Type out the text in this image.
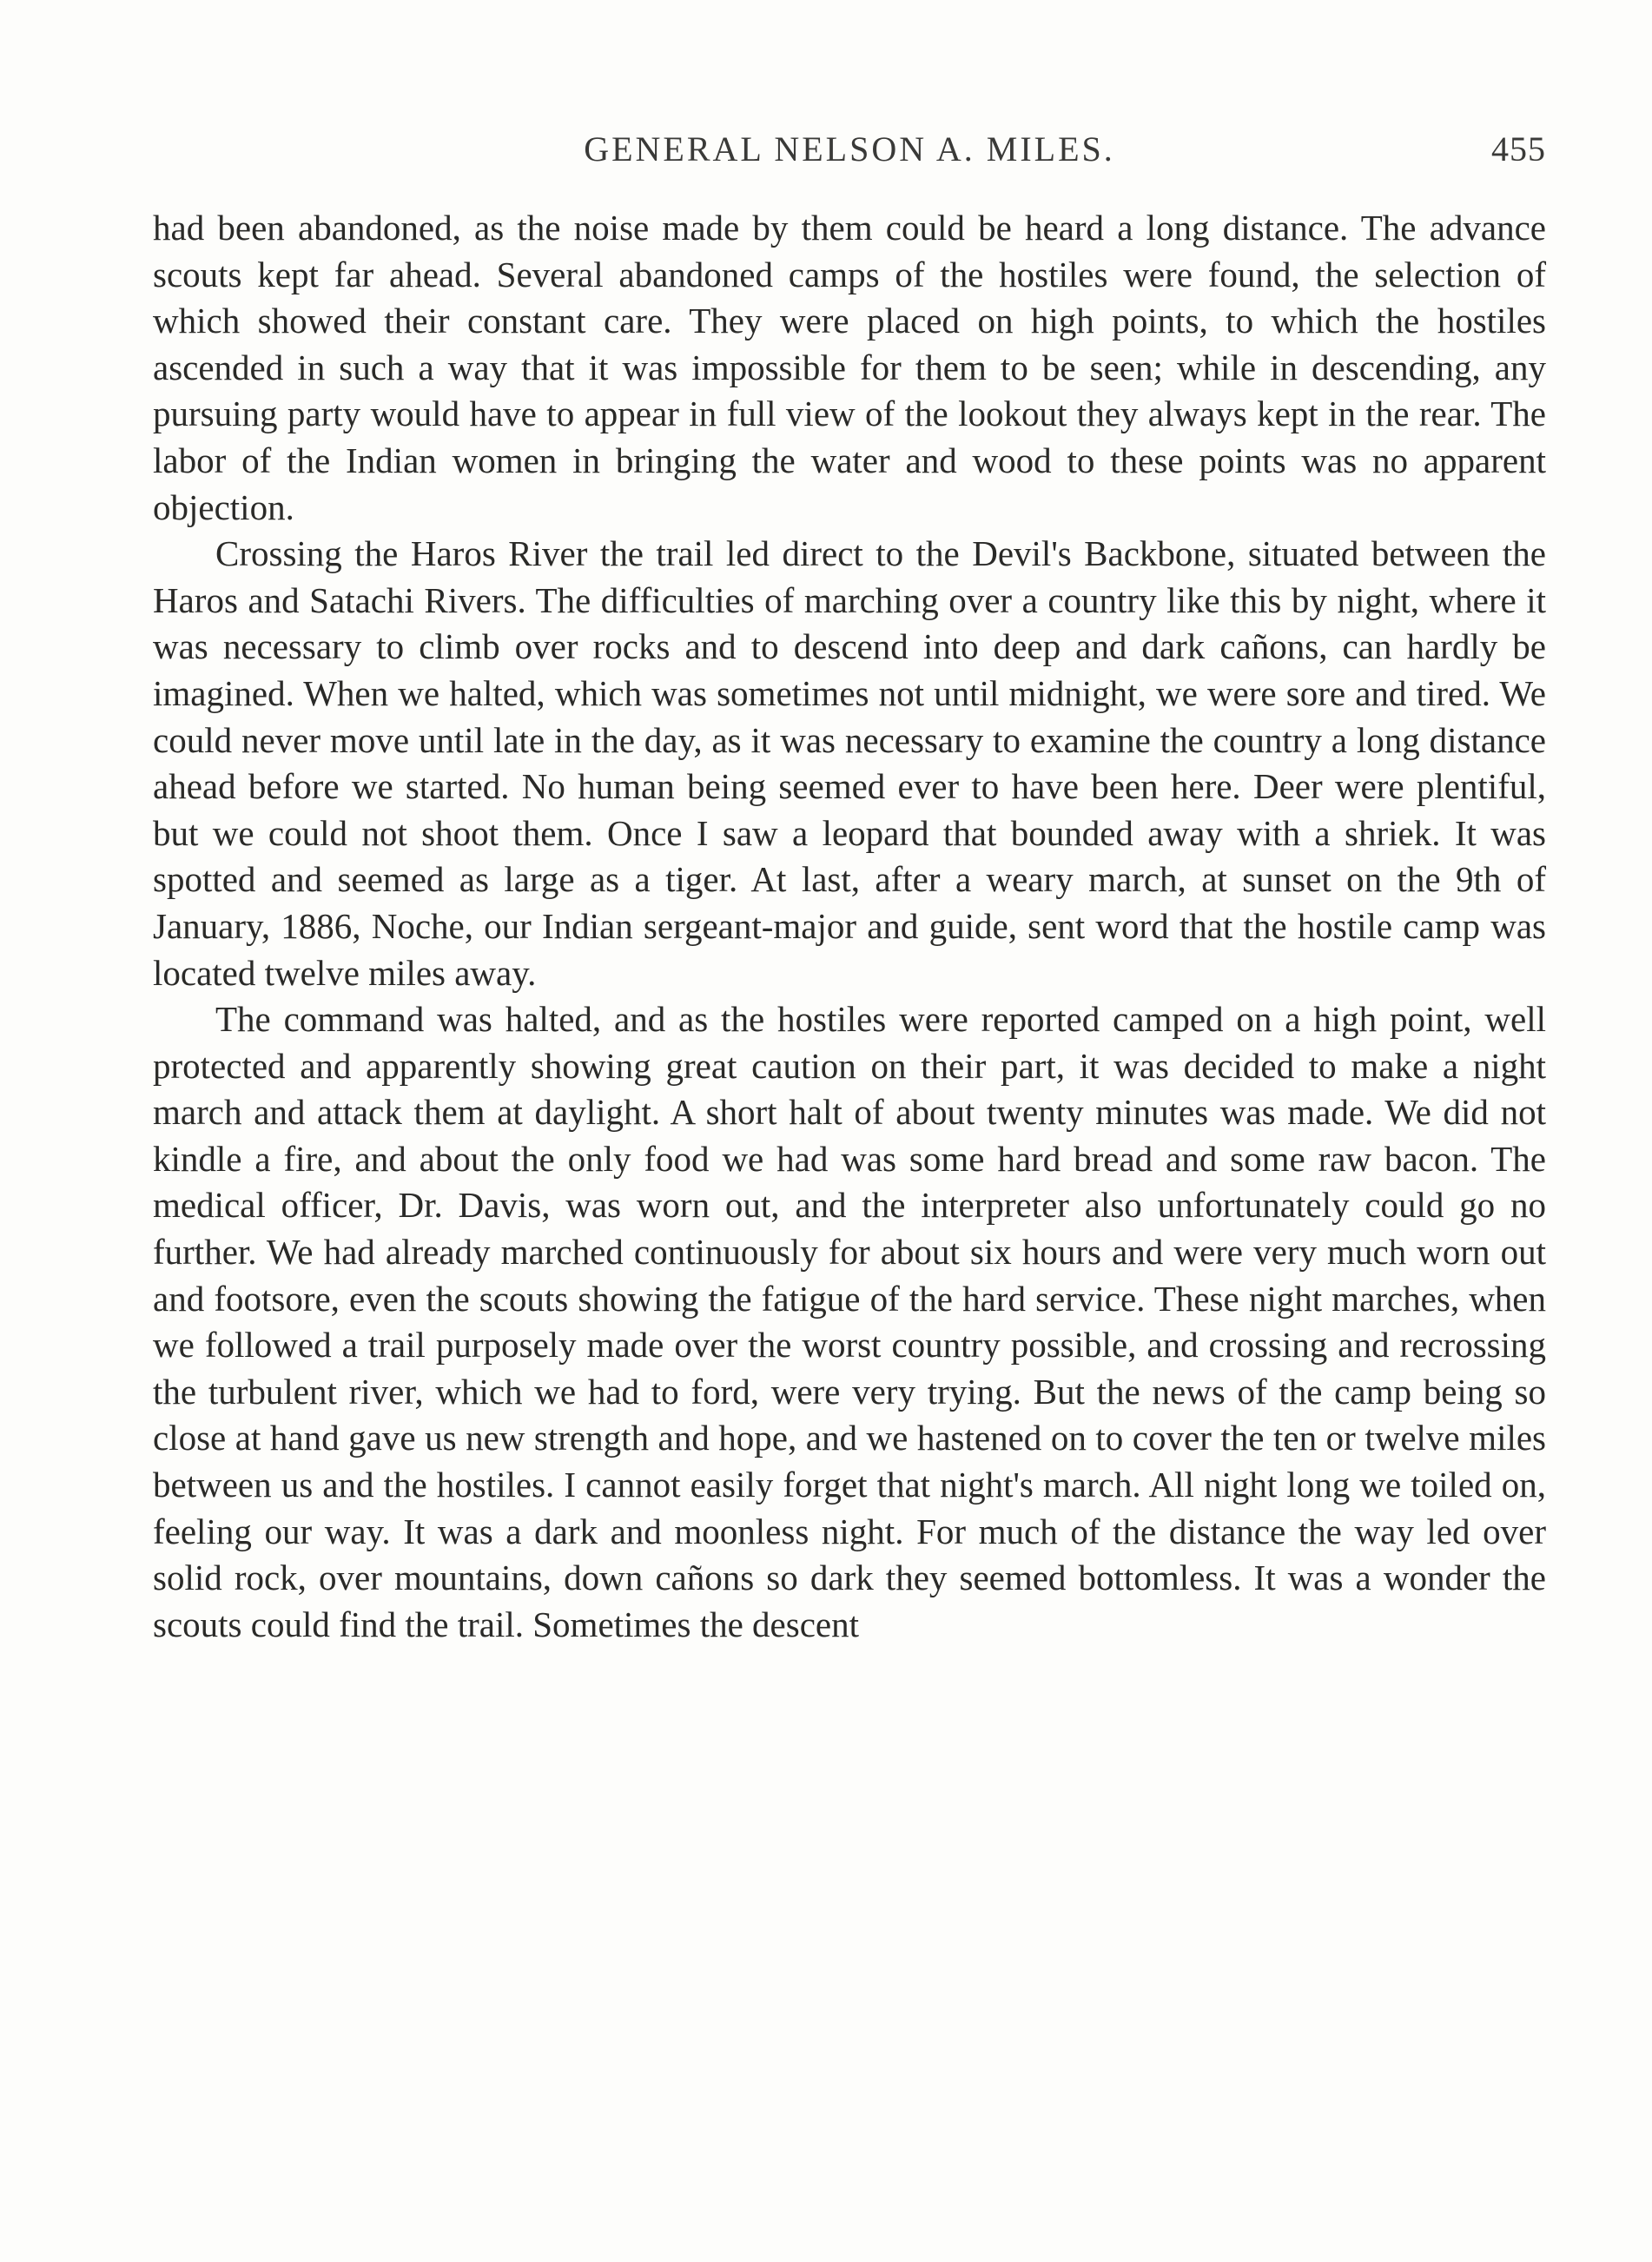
GENERAL NELSON A. MILES.	455

had been abandoned, as the noise made by them could be heard a long distance. The advance scouts kept far ahead. Several abandoned camps of the hostiles were found, the selection of which showed their constant care. They were placed on high points, to which the hostiles ascended in such a way that it was impossible for them to be seen; while in descending, any pursuing party would have to appear in full view of the lookout they always kept in the rear. The labor of the Indian women in bringing the water and wood to these points was no apparent objection.

Crossing the Haros River the trail led direct to the Devil's Backbone, situated between the Haros and Satachi Rivers. The difficulties of marching over a country like this by night, where it was necessary to climb over rocks and to descend into deep and dark cañons, can hardly be imagined. When we halted, which was sometimes not until midnight, we were sore and tired. We could never move until late in the day, as it was necessary to examine the country a long distance ahead before we started. No human being seemed ever to have been here. Deer were plentiful, but we could not shoot them. Once I saw a leopard that bounded away with a shriek. It was spotted and seemed as large as a tiger. At last, after a weary march, at sunset on the 9th of January, 1886, Noche, our Indian sergeant-major and guide, sent word that the hostile camp was located twelve miles away.

The command was halted, and as the hostiles were reported camped on a high point, well protected and apparently showing great caution on their part, it was decided to make a night march and attack them at daylight. A short halt of about twenty minutes was made. We did not kindle a fire, and about the only food we had was some hard bread and some raw bacon. The medical officer, Dr. Davis, was worn out, and the interpreter also unfortunately could go no further. We had already marched continuously for about six hours and were very much worn out and footsore, even the scouts showing the fatigue of the hard service. These night marches, when we followed a trail purposely made over the worst country possible, and crossing and recrossing the turbulent river, which we had to ford, were very trying. But the news of the camp being so close at hand gave us new strength and hope, and we hastened on to cover the ten or twelve miles between us and the hostiles. I cannot easily forget that night's march. All night long we toiled on, feeling our way. It was a dark and moonless night. For much of the distance the way led over solid rock, over mountains, down cañons so dark they seemed bottomless. It was a wonder the scouts could find the trail. Sometimes the descent
